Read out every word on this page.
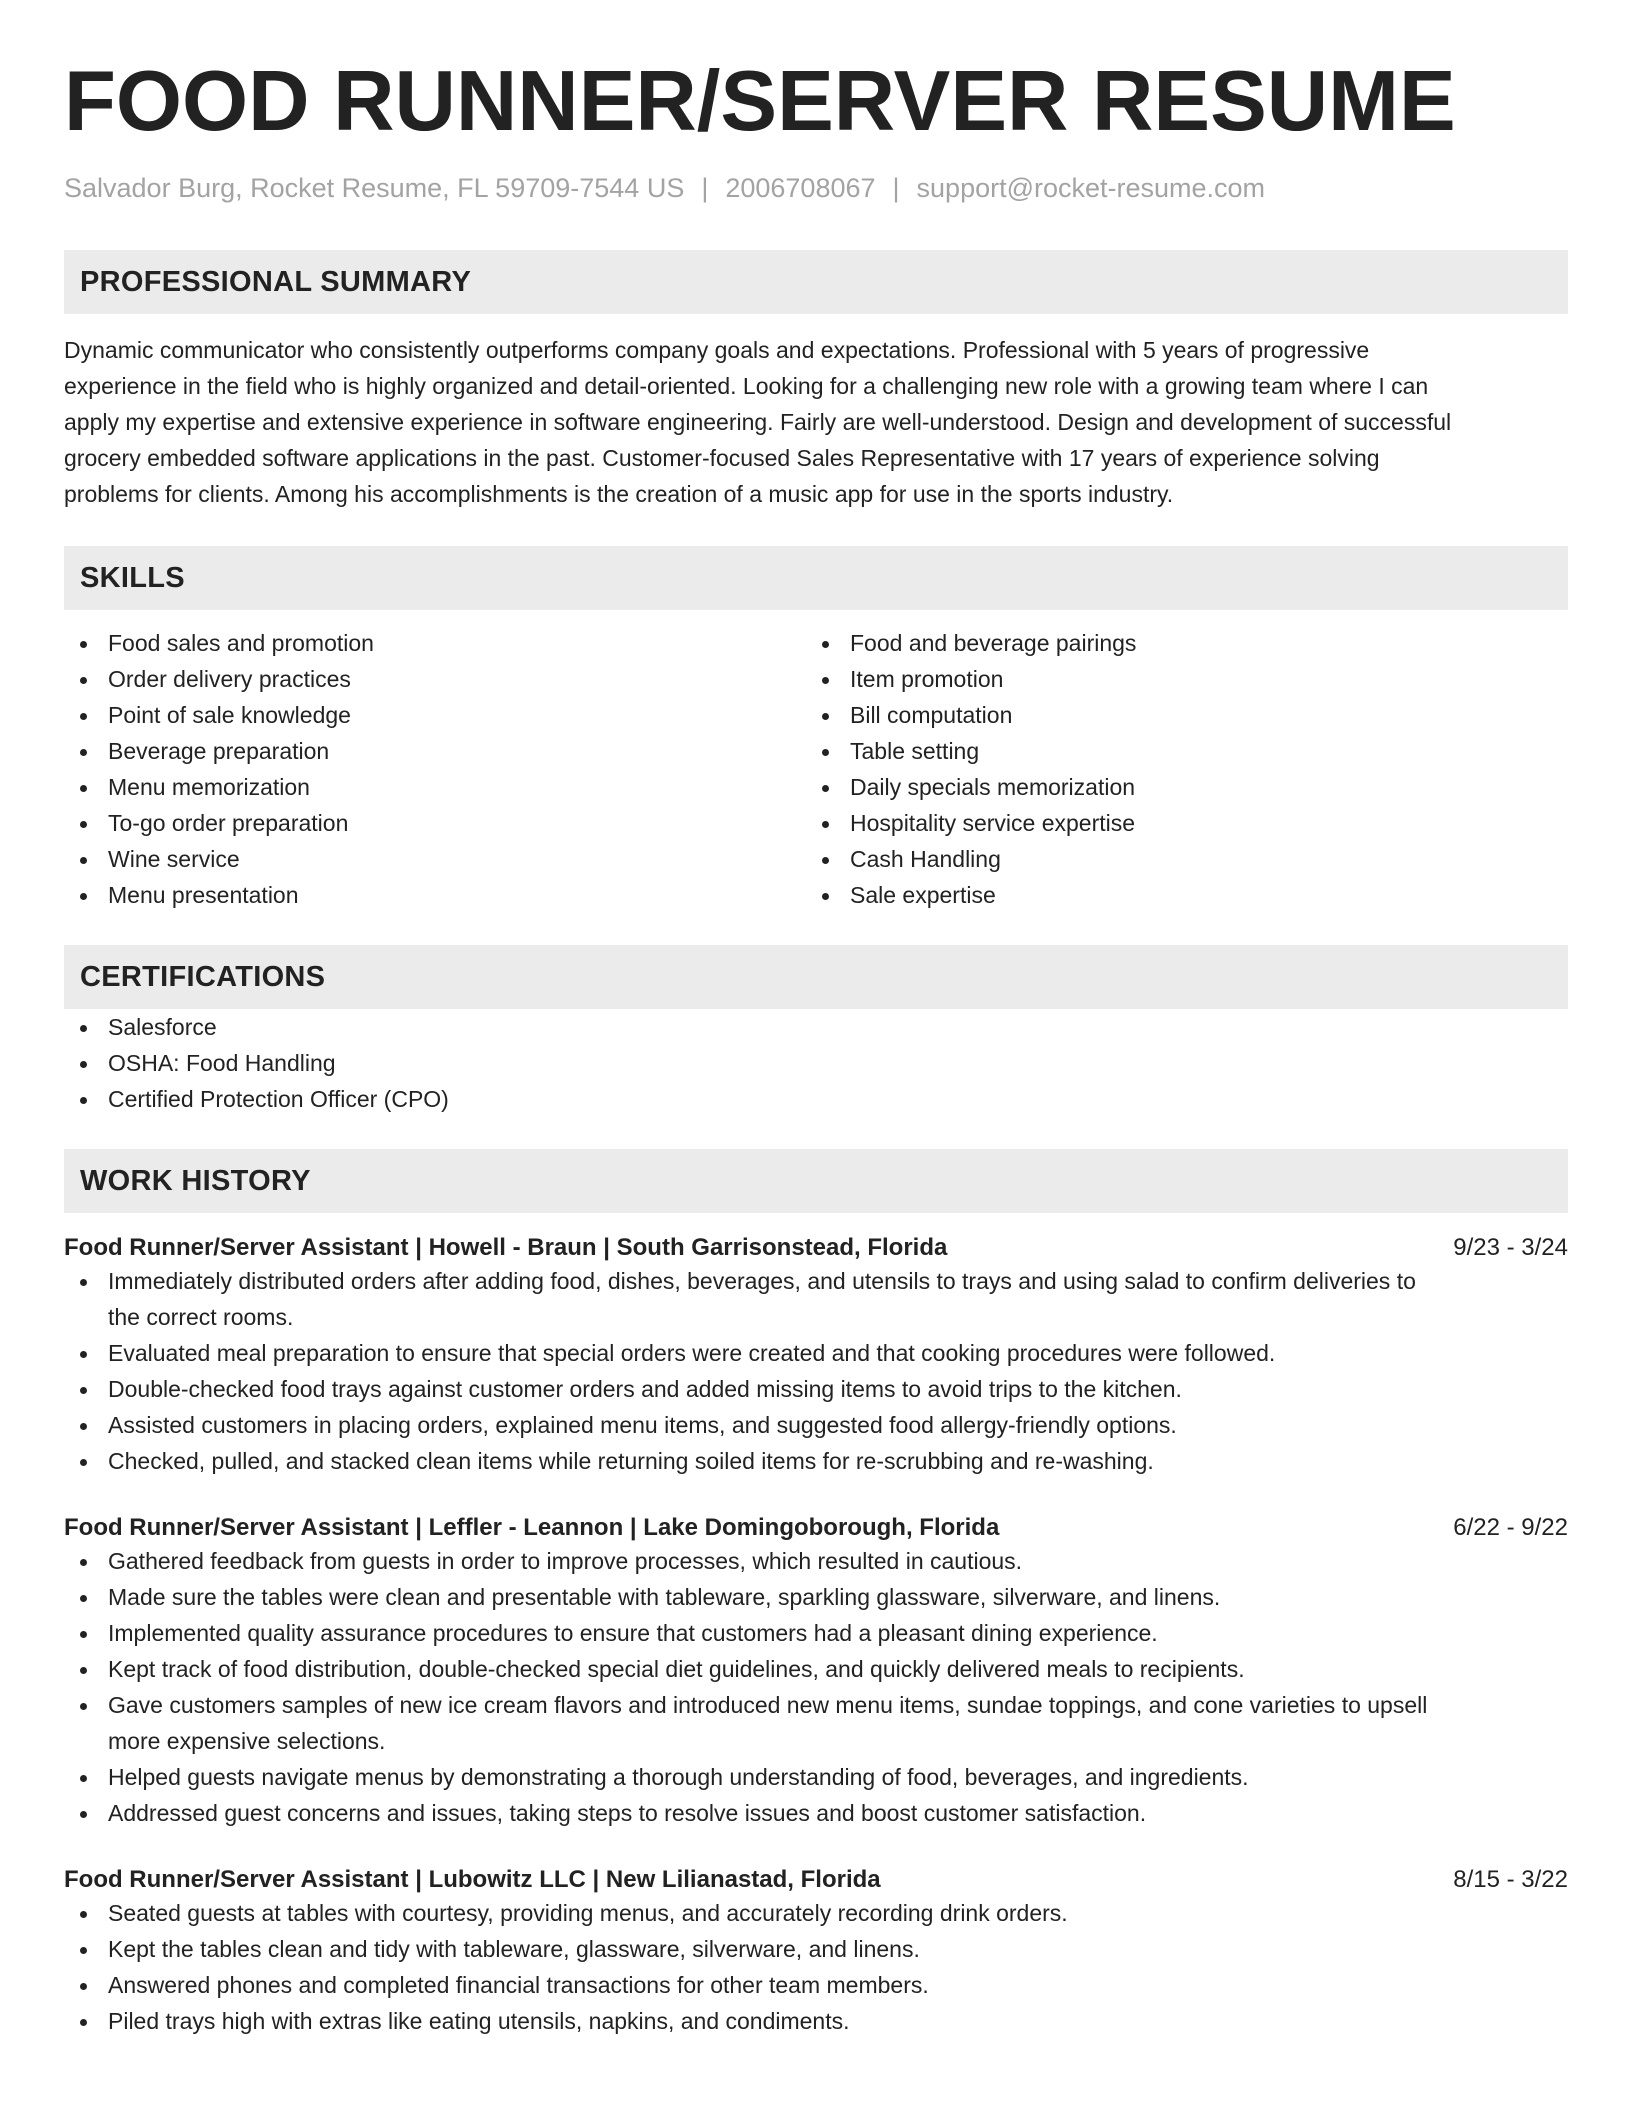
FOOD RUNNER/SERVER RESUME
Salvador Burg, Rocket Resume, FL 59709-7544 US | 2006708067 | support@rocket-resume.com
PROFESSIONAL SUMMARY
Dynamic communicator who consistently outperforms company goals and expectations. Professional with 5 years of progressive
experience in the field who is highly organized and detail-oriented. Looking for a challenging new role with a growing team where I can
apply my expertise and extensive experience in software engineering. Fairly are well-understood. Design and development of successful
grocery embedded software applications in the past. Customer-focused Sales Representative with 17 years of experience solving
problems for clients. Among his accomplishments is the creation of a music app for use in the sports industry.
SKILLS
Food sales and promotion
Order delivery practices
Point of sale knowledge
Beverage preparation
Menu memorization
To-go order preparation
Wine service
Menu presentation
Food and beverage pairings
Item promotion
Bill computation
Table setting
Daily specials memorization
Hospitality service expertise
Cash Handling
Sale expertise
CERTIFICATIONS
Salesforce
OSHA: Food Handling
Certified Protection Officer (CPO)
WORK HISTORY
Food Runner/Server Assistant | Howell - Braun | South Garrisonstead, Florida	9/23 - 3/24
Immediately distributed orders after adding food, dishes, beverages, and utensils to trays and using salad to confirm deliveries to
the correct rooms.
Evaluated meal preparation to ensure that special orders were created and that cooking procedures were followed.
Double-checked food trays against customer orders and added missing items to avoid trips to the kitchen.
Assisted customers in placing orders, explained menu items, and suggested food allergy-friendly options.
Checked, pulled, and stacked clean items while returning soiled items for re-scrubbing and re-washing.
Food Runner/Server Assistant | Leffler - Leannon | Lake Domingoborough, Florida	6/22 - 9/22
Gathered feedback from guests in order to improve processes, which resulted in cautious.
Made sure the tables were clean and presentable with tableware, sparkling glassware, silverware, and linens.
Implemented quality assurance procedures to ensure that customers had a pleasant dining experience.
Kept track of food distribution, double-checked special diet guidelines, and quickly delivered meals to recipients.
Gave customers samples of new ice cream flavors and introduced new menu items, sundae toppings, and cone varieties to upsell
more expensive selections.
Helped guests navigate menus by demonstrating a thorough understanding of food, beverages, and ingredients.
Addressed guest concerns and issues, taking steps to resolve issues and boost customer satisfaction.
Food Runner/Server Assistant | Lubowitz LLC | New Lilianastad, Florida	8/15 - 3/22
Seated guests at tables with courtesy, providing menus, and accurately recording drink orders.
Kept the tables clean and tidy with tableware, glassware, silverware, and linens.
Answered phones and completed financial transactions for other team members.
Piled trays high with extras like eating utensils, napkins, and condiments.
